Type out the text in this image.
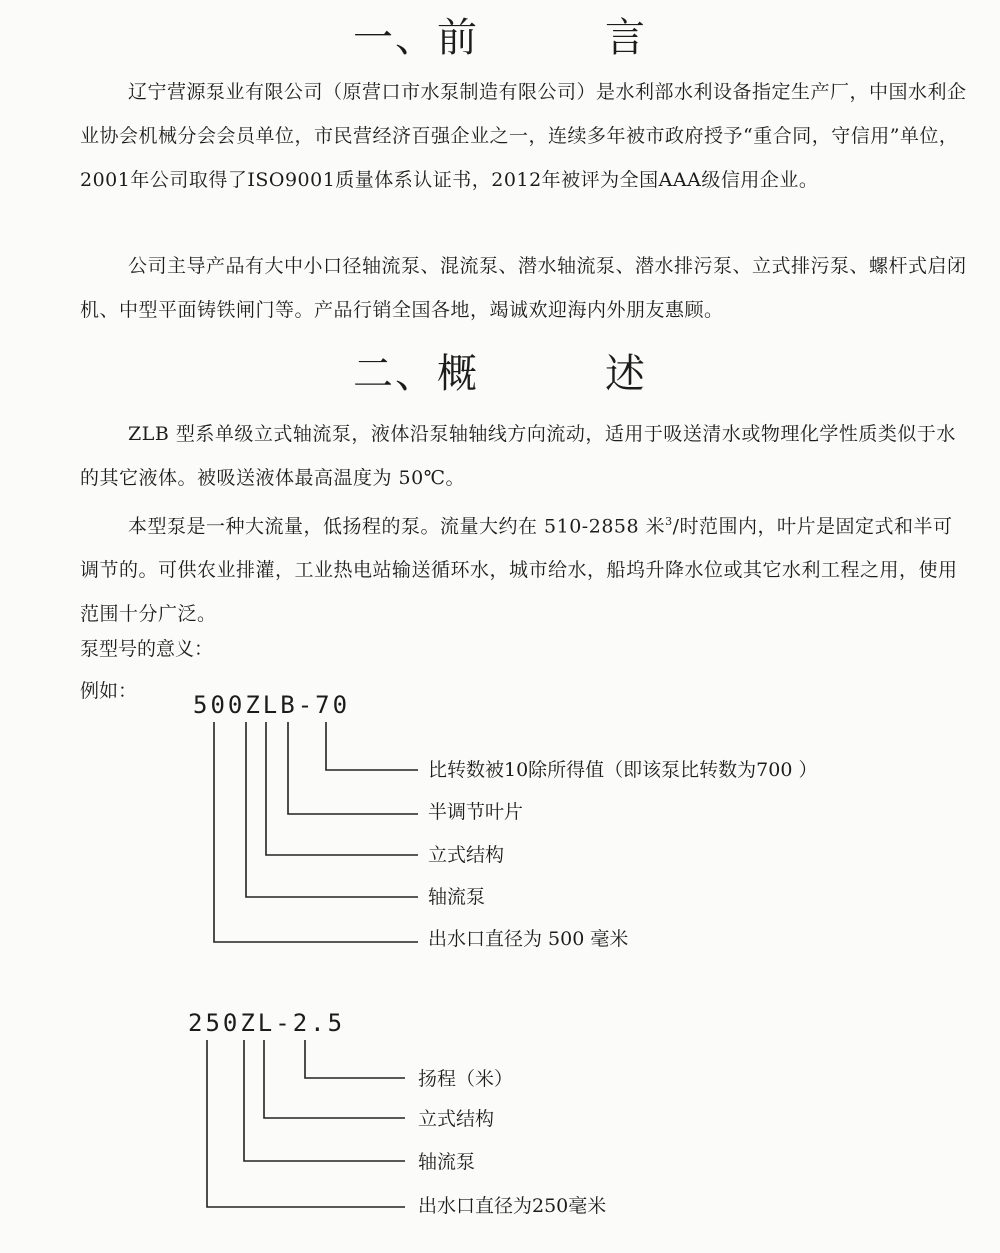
一、前　　　言

辽宁营源泵业有限公司（原营口市水泵制造有限公司）是水利部水利设备指定生产厂，中国水利企业协会机械分会会员单位，市民营经济百强企业之一，连续多年被市政府授予“重合同，守信用”单位，2001年公司取得了ISO9001质量体系认证书，2012年被评为全国AAA级信用企业。

公司主导产品有大中小口径轴流泵、混流泵、潜水轴流泵、潜水排污泵、立式排污泵、螺杆式启闭机、中型平面铸铁闸门等。产品行销全国各地，竭诚欢迎海内外朋友惠顾。

二、概　　　述

ZLB 型系单级立式轴流泵，液体沿泵轴轴线方向流动，适用于吸送清水或物理化学性质类似于水的其它液体。被吸送液体最高温度为 50℃。

本型泵是一种大流量，低扬程的泵。流量大约在 510-2858 米$^3$/时范围内，叶片是固定式和半可调节的。可供农业排灌，工业热电站输送循环水，城市给水，船坞升降水位或其它水利工程之用，使用范围十分广泛。

泵型号的意义：
例如： 500ZLB-70
比转数被10除所得值（即该泵比转数为700 ）
半调节叶片
立式结构
轴流泵
出水口直径为 500 毫米
250ZL-2.5
扬程（米）
立式结构
轴流泵
出水口直径为250毫米
